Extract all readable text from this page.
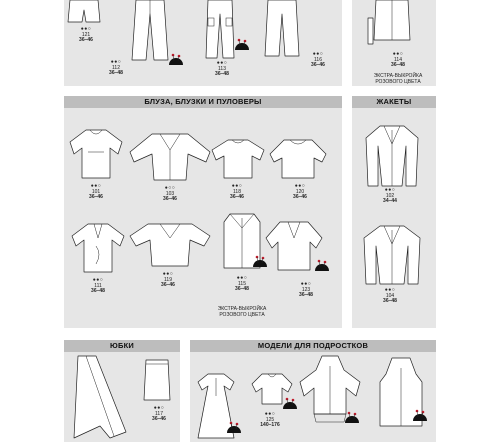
●●○
121
36–46
●●○
112
36–48
●●○
113
36–48
●●○
116
36–46
●●○
114
36–48
ЭКСТРА-ВЫКРОЙКА РОЗОВОГО ЦВЕТА
БЛУЗА, БЛУЗКИ И ПУЛОВЕРЫ
●●○
101
36–46
●○○
103
36–46
●●○
118
36–46
●●○
120
36–46
●●○
111
36–48
●●○
119
36–46
●●○
115
36–48
●●○
123
36–48
ЭКСТРА-ВЫКРОЙКА РОЗОВОГО ЦВЕТА
ЖАКЕТЫ
●●○
102
34–44
●●○
104
36–48
ЮБКИ
●●○
117
36–46
МОДЕЛИ ДЛЯ ПОДРОСТКОВ
●●○
125
140–176
